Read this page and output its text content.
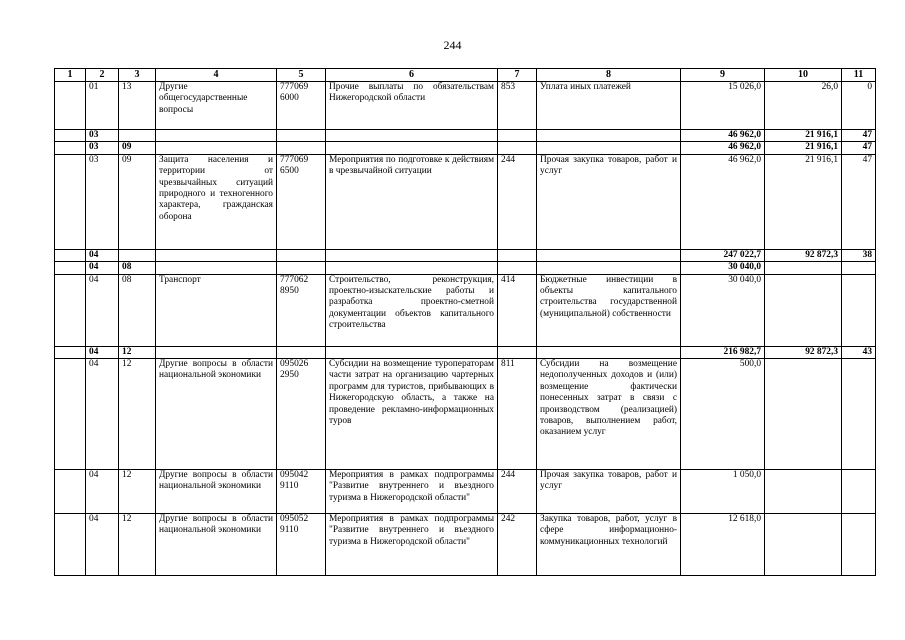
244
1	2	3	4	5	6	7	8	9	10	11
	01	13	Другие общегосударственные вопросы	777069 6000	Прочие выплаты по обязательствам Нижегородской области	853	Уплата иных платежей	15 026,0	26,0	0
	03							46 962,0	21 916,1	47
	03	09						46 962,0	21 916,1	47
	03	09	Защита населения и территории от чрезвычайных ситуаций природного и техногенного характера, гражданская оборона	777069 6500	Мероприятия по подготовке к действиям в чрезвычайной ситуации	244	Прочая закупка товаров, работ и услуг	46 962,0	21 916,1	47
	04							247 022,7	92 872,3	38
	04	08						30 040,0		
	04	08	Транспорт	777062 8950	Строительство, реконструкция, проектно-изыскательские работы и разработка проектно-сметной документации объектов капитального строительства	414	Бюджетные инвестиции в объекты капитального строительства государственной (муниципальной) собственности	30 040,0		
	04	12						216 982,7	92 872,3	43
	04	12	Другие вопросы в области национальной экономики	095026 2950	Субсидии на возмещение туроператорам части затрат на организацию чартерных программ для туристов, прибывающих в Нижегородскую область, а также на проведение рекламно-информационных туров	811	Субсидии на возмещение недополученных доходов и (или) возмещение фактически понесенных затрат в связи с производством (реализацией) товаров, выполнением работ, оказанием услуг	500,0		
	04	12	Другие вопросы в области национальной экономики	095042 9110	Мероприятия в рамках подпрограммы "Развитие внутреннего и въездного туризма в Нижегородской области"	244	Прочая закупка товаров, работ и услуг	1 050,0		
	04	12	Другие вопросы в области национальной экономики	095052 9110	Мероприятия в рамках подпрограммы "Развитие внутреннего и въездного туризма в Нижегородской области"	242	Закупка товаров, работ, услуг в сфере информационно-коммуникационных технологий	12 618,0		
